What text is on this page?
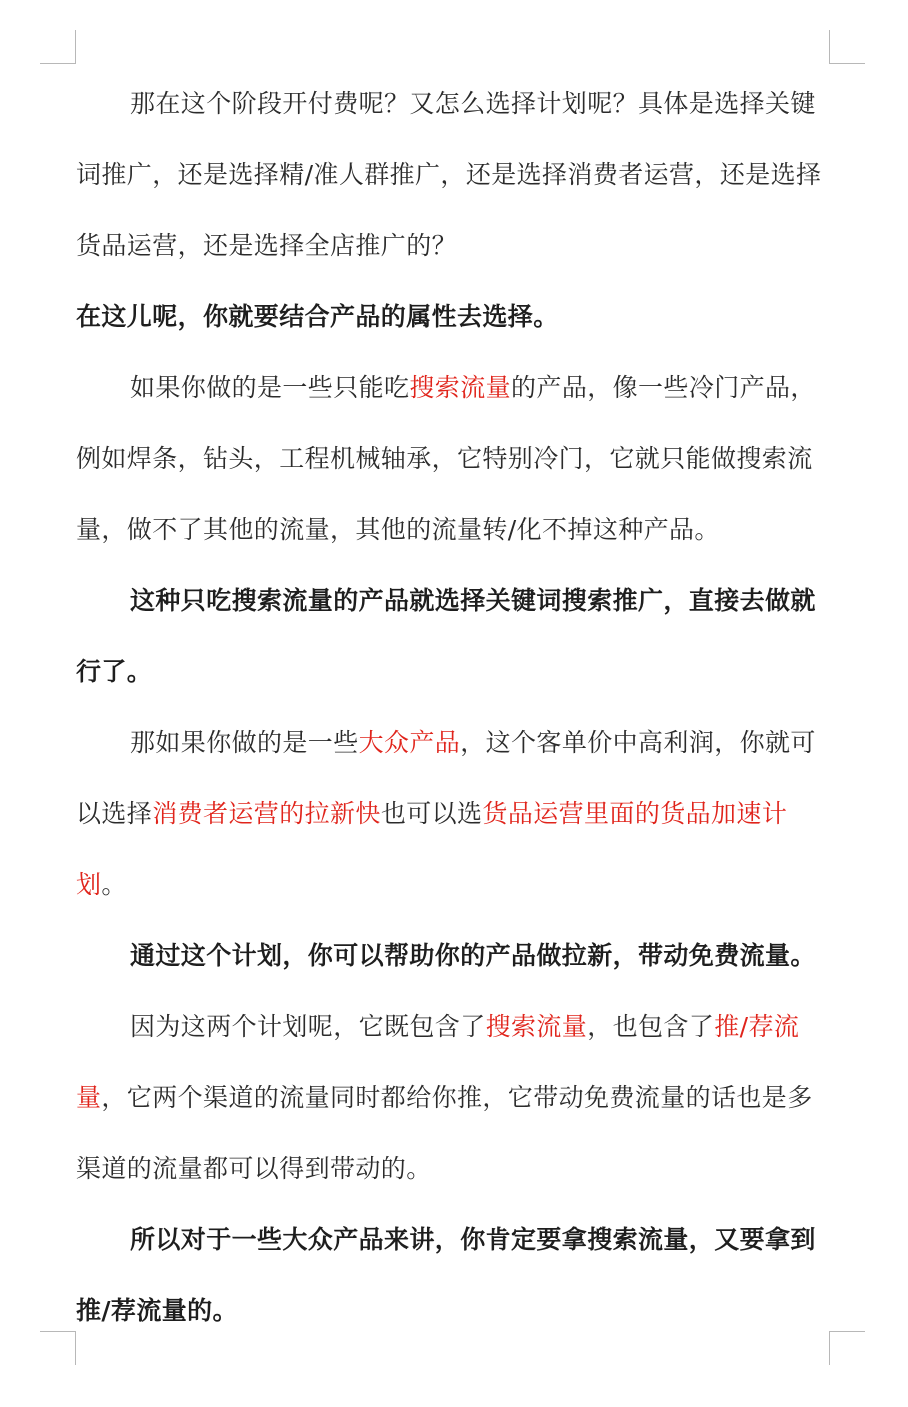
那在这个阶段开付费呢？又怎么选择计划呢？具体是选择关键词推广，还是选择精/准人群推广，还是选择消费者运营，还是选择货品运营，还是选择全店推广的？

在这儿呢，你就要结合产品的属性去选择。

如果你做的是一些只能吃搜索流量的产品，像一些冷门产品，例如焊条，钻头，工程机械轴承，它特别冷门，它就只能做搜索流量，做不了其他的流量，其他的流量转/化不掉这种产品。

这种只吃搜索流量的产品就选择关键词搜索推广，直接去做就行了。

那如果你做的是一些大众产品，这个客单价中高利润，你就可以选择消费者运营的拉新快也可以选货品运营里面的货品加速计划。

通过这个计划，你可以帮助你的产品做拉新，带动免费流量。

因为这两个计划呢，它既包含了搜索流量，也包含了推/荐流量，它两个渠道的流量同时都给你推，它带动免费流量的话也是多渠道的流量都可以得到带动的。

所以对于一些大众产品来讲，你肯定要拿搜索流量，又要拿到推/荐流量的。
